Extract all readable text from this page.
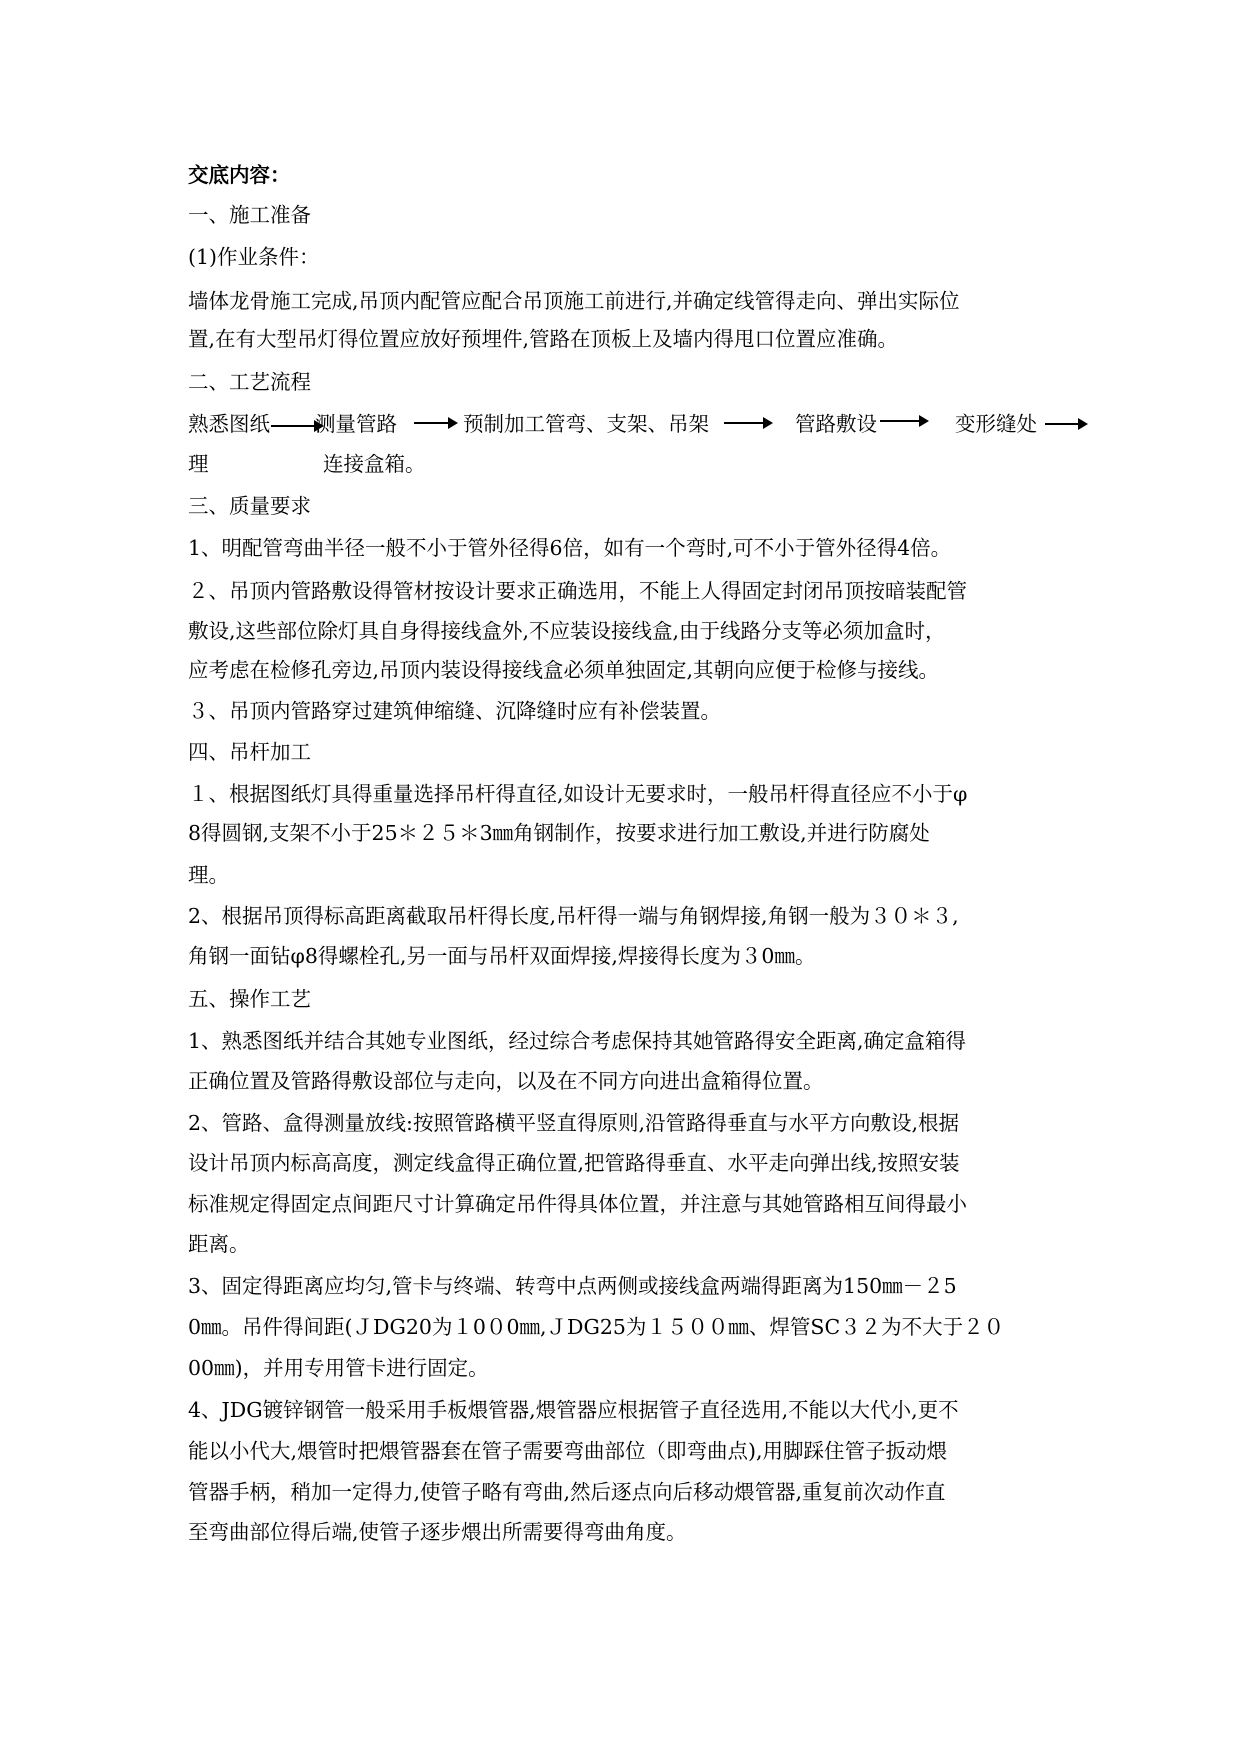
交底内容：
一、施工准备
(1)作业条件：
墙体龙骨施工完成,吊顶内配管应配合吊顶施工前进行,并确定线管得走向、弹出实际位
置,在有大型吊灯得位置应放好预埋件,管路在顶板上及墙内得甩口位置应准确。
二、工艺流程
熟悉图纸 测量管路	预制加工管弯、支架、吊架	管路敷设	变形缝处
理	连接盒箱。
三、质量要求
1、明配管弯曲半径一般不小于管外径得6倍，如有一个弯时,可不小于管外径得4倍。
２、吊顶内管路敷设得管材按设计要求正确选用，不能上人得固定封闭吊顶按暗装配管
敷设,这些部位除灯具自身得接线盒外,不应装设接线盒,由于线路分支等必须加盒时，
应考虑在检修孔旁边,吊顶内装设得接线盒必须单独固定,其朝向应便于检修与接线。
３、吊顶内管路穿过建筑伸缩缝、沉降缝时应有补偿装置。
四、吊杆加工
１、根据图纸灯具得重量选择吊杆得直径,如设计无要求时，一般吊杆得直径应不小于φ
8得圆钢,支架不小于25＊２５＊3㎜角钢制作，按要求进行加工敷设,并进行防腐处
理。
2、根据吊顶得标高距离截取吊杆得长度,吊杆得一端与角钢焊接,角钢一般为３０＊３,
角钢一面钻φ8得螺栓孔,另一面与吊杆双面焊接,焊接得长度为３0㎜。
五、操作工艺
1、熟悉图纸并结合其她专业图纸，经过综合考虑保持其她管路得安全距离,确定盒箱得
正确位置及管路得敷设部位与走向，以及在不同方向进出盒箱得位置。
2、管路、盒得测量放线:按照管路横平竖直得原则,沿管路得垂直与水平方向敷设,根据
设计吊顶内标高高度，测定线盒得正确位置,把管路得垂直、水平走向弹出线,按照安装
标准规定得固定点间距尺寸计算确定吊件得具体位置，并注意与其她管路相互间得最小
距离。
3、固定得距离应均匀,管卡与终端、转弯中点两侧或接线盒两端得距离为150㎜－２5
0㎜。吊件得间距(ＪDG20为１0０0㎜,ＪDG25为１５００㎜、焊管SC３２为不大于２０
00㎜)，并用专用管卡进行固定。
4、JDG镀锌钢管一般采用手板煨管器,煨管器应根据管子直径选用,不能以大代小,更不
能以小代大,煨管时把煨管器套在管子需要弯曲部位（即弯曲点),用脚踩住管子扳动煨
管器手柄，稍加一定得力,使管子略有弯曲,然后逐点向后移动煨管器,重复前次动作直
至弯曲部位得后端,使管子逐步煨出所需要得弯曲角度。
